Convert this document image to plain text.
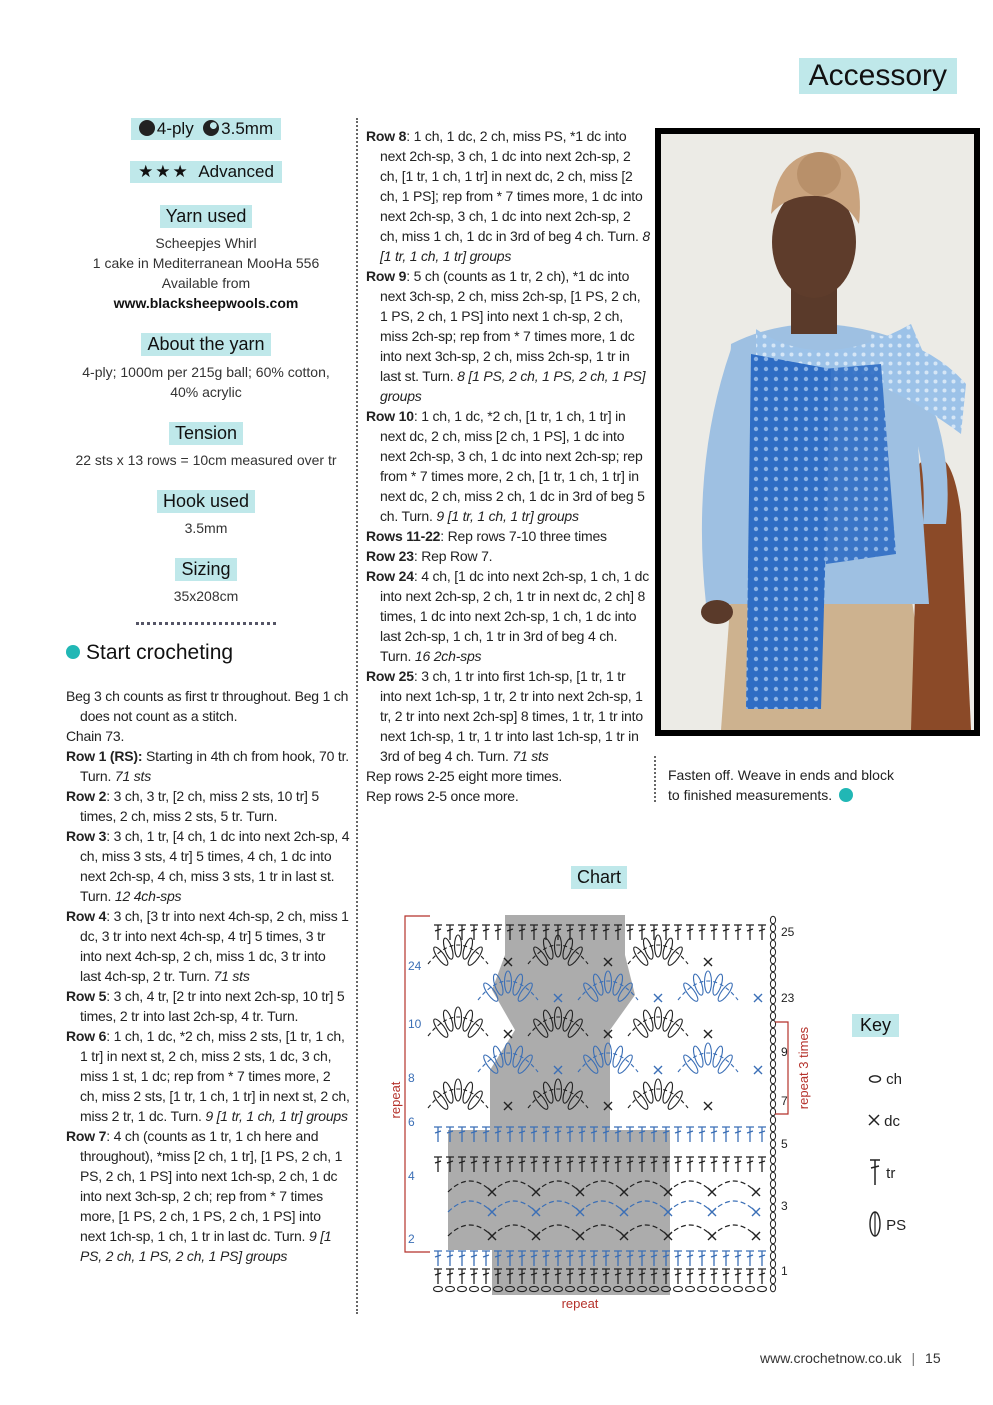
Accessory
4-ply 3.5mm
★★★ Advanced
Yarn used
Scheepjes Whirl
1 cake in Mediterranean MooHa 556
Available from
www.blacksheepwools.com
About the yarn
4-ply; 1000m per 215g ball; 60% cotton,
40% acrylic
Tension
22 sts x 13 rows = 10cm measured over tr
Hook used
3.5mm
Sizing
35x208cm
Start crocheting

Beg 3 ch counts as first tr throughout. Beg 1 ch does not count as a stitch.

Chain 73.

Row 1 (RS): Starting in 4th ch from hook, 70 tr. Turn. 71 sts

Row 2: 3 ch, 3 tr, [2 ch, miss 2 sts, 10 tr] 5 times, 2 ch, miss 2 sts, 5 tr. Turn.

Row 3: 3 ch, 1 tr, [4 ch, 1 dc into next 2ch-sp, 4 ch, miss 3 sts, 4 tr] 5 times, 4 ch, 1 dc into next 2ch-sp, 4 ch, miss 3 sts, 1 tr in last st. Turn. 12 4ch-sps

Row 4: 3 ch, [3 tr into next 4ch-sp, 2 ch, miss 1 dc, 3 tr into next 4ch-sp, 4 tr] 5 times, 3 tr into next 4ch-sp, 2 ch, miss 1 dc, 3 tr into last 4ch-sp, 2 tr. Turn. 71 sts

Row 5: 3 ch, 4 tr, [2 tr into next 2ch-sp, 10 tr] 5 times, 2 tr into last 2ch-sp, 4 tr. Turn.

Row 6: 1 ch, 1 dc, *2 ch, miss 2 sts, [1 tr, 1 ch, 1 tr] in next st, 2 ch, miss 2 sts, 1 dc, 3 ch, miss 1 st, 1 dc; rep from * 7 times more, 2 ch, miss 2 sts, [1 tr, 1 ch, 1 tr] in next st, 2 ch, miss 2 tr, 1 dc. Turn. 9 [1 tr, 1 ch, 1 tr] groups

Row 7: 4 ch (counts as 1 tr, 1 ch here and throughout), *miss [2 ch, 1 tr], [1 PS, 2 ch, 1 PS, 2 ch, 1 PS] into next 1ch-sp, 2 ch, 1 dc into next 3ch-sp, 2 ch; rep from * 7 times more, [1 PS, 2 ch, 1 PS, 2 ch, 1 PS] into next 1ch-sp, 1 ch, 1 tr in last dc. Turn. 9 [1 PS, 2 ch, 1 PS, 2 ch, 1 PS] groups

Row 8: 1 ch, 1 dc, 2 ch, miss PS, *1 dc into next 2ch-sp, 3 ch, 1 dc into next 2ch-sp, 2 ch, [1 tr, 1 ch, 1 tr] in next dc, 2 ch, miss [2 ch, 1 PS]; rep from * 7 times more, 1 dc into next 2ch-sp, 3 ch, 1 dc into next 2ch-sp, 2 ch, miss 1 ch, 1 dc in 3rd of beg 4 ch. Turn. 8 [1 tr, 1 ch, 1 tr] groups

Row 9: 5 ch (counts as 1 tr, 2 ch), *1 dc into next 3ch-sp, 2 ch, miss 2ch-sp, [1 PS, 2 ch, 1 PS, 2 ch, 1 PS] into next 1 ch-sp, 2 ch, miss 2ch-sp; rep from * 7 times more, 1 dc into next 3ch-sp, 2 ch, miss 2ch-sp, 1 tr in last st. Turn. 8 [1 PS, 2 ch, 1 PS, 2 ch, 1 PS] groups

Row 10: 1 ch, 1 dc, *2 ch, [1 tr, 1 ch, 1 tr] in next dc, 2 ch, miss [2 ch, 1 PS], 1 dc into next 2ch-sp, 3 ch, 1 dc into next 2ch-sp; rep from * 7 times more, 2 ch, [1 tr, 1 ch, 1 tr] in next dc, 2 ch, miss 2 ch, 1 dc in 3rd of beg 5 ch. Turn. 9 [1 tr, 1 ch, 1 tr] groups

Rows 11-22: Rep rows 7-10 three times

Row 23: Rep Row 7.

Row 24: 4 ch, [1 dc into next 2ch-sp, 1 ch, 1 dc into next 2ch-sp, 2 ch, 1 tr in next dc, 2 ch] 8 times, 1 dc into next 2ch-sp, 1 ch, 1 dc into last 2ch-sp, 1 ch, 1 tr in 3rd of beg 4 ch. Turn. 16 2ch-sps

Row 25: 3 ch, 1 tr into first 1ch-sp, [1 tr, 1 tr into next 1ch-sp, 1 tr, 2 tr into next 2ch-sp, 1 tr, 2 tr into next 2ch-sp] 8 times, 1 tr, 1 tr into next 1ch-sp, 1 tr, 1 tr into last 1ch-sp, 1 tr in 3rd of beg 4 ch. Turn. 71 sts

Rep rows 2-25 eight more times.

Rep rows 2-5 once more.

Fasten off. Weave in ends and block to finished measurements.
Chart
25
23
9
7
5
3
1
24
10
8
6
4
2
repeat	repeat 3 times
repeat
Key
ch
dc
tr
PS
www.crochetnow.co.uk | 15
